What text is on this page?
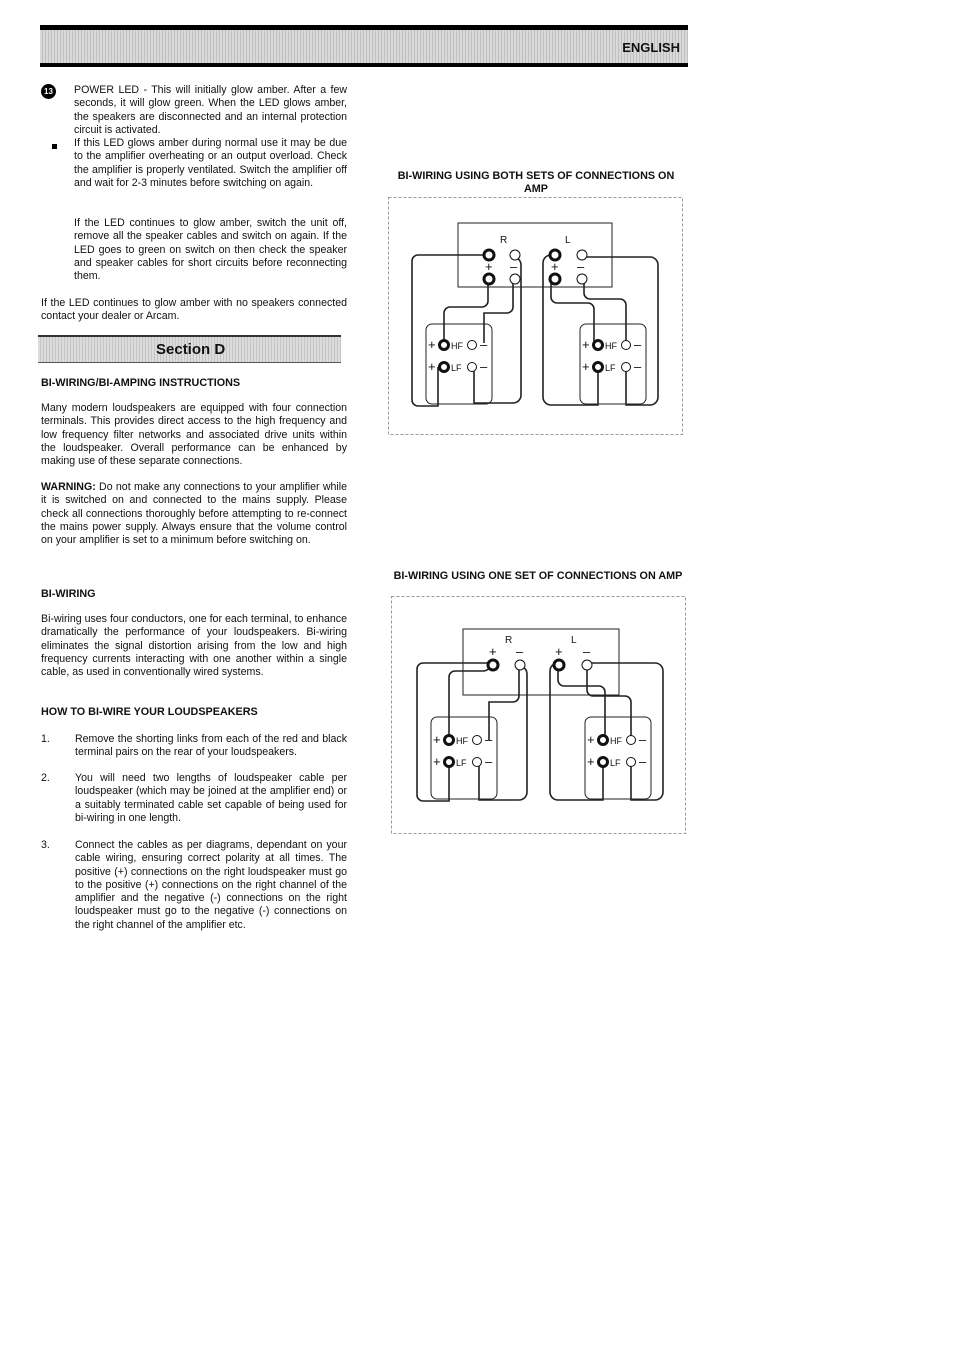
ENGLISH
13 POWER LED - This will initially glow amber. After a few seconds, it will glow green. When the LED glows amber, the speakers are disconnected and an internal protection circuit is activated.

If this LED glows amber during normal use it may be due to the amplifier overheating or an output overload. Check the amplifier is properly ventilated. Switch the amplifier off and wait for 2-3 minutes before switching on again.

If the LED continues to glow amber, switch the unit off, remove all the speaker cables and switch on again. If the LED goes to green on switch on then check the speaker and speaker cables for short circuits before reconnecting them.

If the LED continues to glow amber with no speakers connected contact your dealer or Arcam.

Section D
BI-WIRING/BI-AMPING INSTRUCTIONS

Many modern loudspeakers are equipped with four connection terminals. This provides direct access to the high frequency and low frequency filter networks and associated drive units within the loudspeaker. Overall performance can be enhanced by making use of these separate connections.

WARNING: Do not make any connections to your amplifier while it is switched on and connected to the mains supply. Please check all connections thoroughly before attempting to re-connect the mains power supply. Always ensure that the volume control on your amplifier is set to a minimum before switching on.

BI-WIRING

Bi-wiring uses four conductors, one for each terminal, to enhance dramatically the performance of your loudspeakers. Bi-wiring eliminates the signal distortion arising from the low and high frequency currents interacting with one another within a single cable, as used in conventionally wired systems.

HOW TO BI-WIRE YOUR LOUDSPEAKERS
1. Remove the shorting links from each of the red and black terminal pairs on the rear of your loudspeakers.
2. You will need two lengths of loudspeaker cable per loudspeaker (which may be joined at the amplifier end) or a suitably terminated cable set capable of being used for bi-wiring in one length.
3. Connect the cables as per diagrams, dependant on your cable wiring, ensuring correct polarity at all times. The positive (+) connections on the right loudspeaker must go to the positive (+) connections on the right channel of the amplifier and the negative (-) connections on the right loudspeaker must go to the negative (-) connections on the right channel of the amplifier etc.
BI-WIRING USING BOTH SETS OF CONNECTIONS ON AMP
R	L
+ –	+ –
+ HF –
+ LF –
+ HF –
+ LF –
BI-WIRING USING ONE SET OF CONNECTIONS ON AMP
R	L
+ – + –
+ HF –
+ LF –
+ HF –
+ LF –
